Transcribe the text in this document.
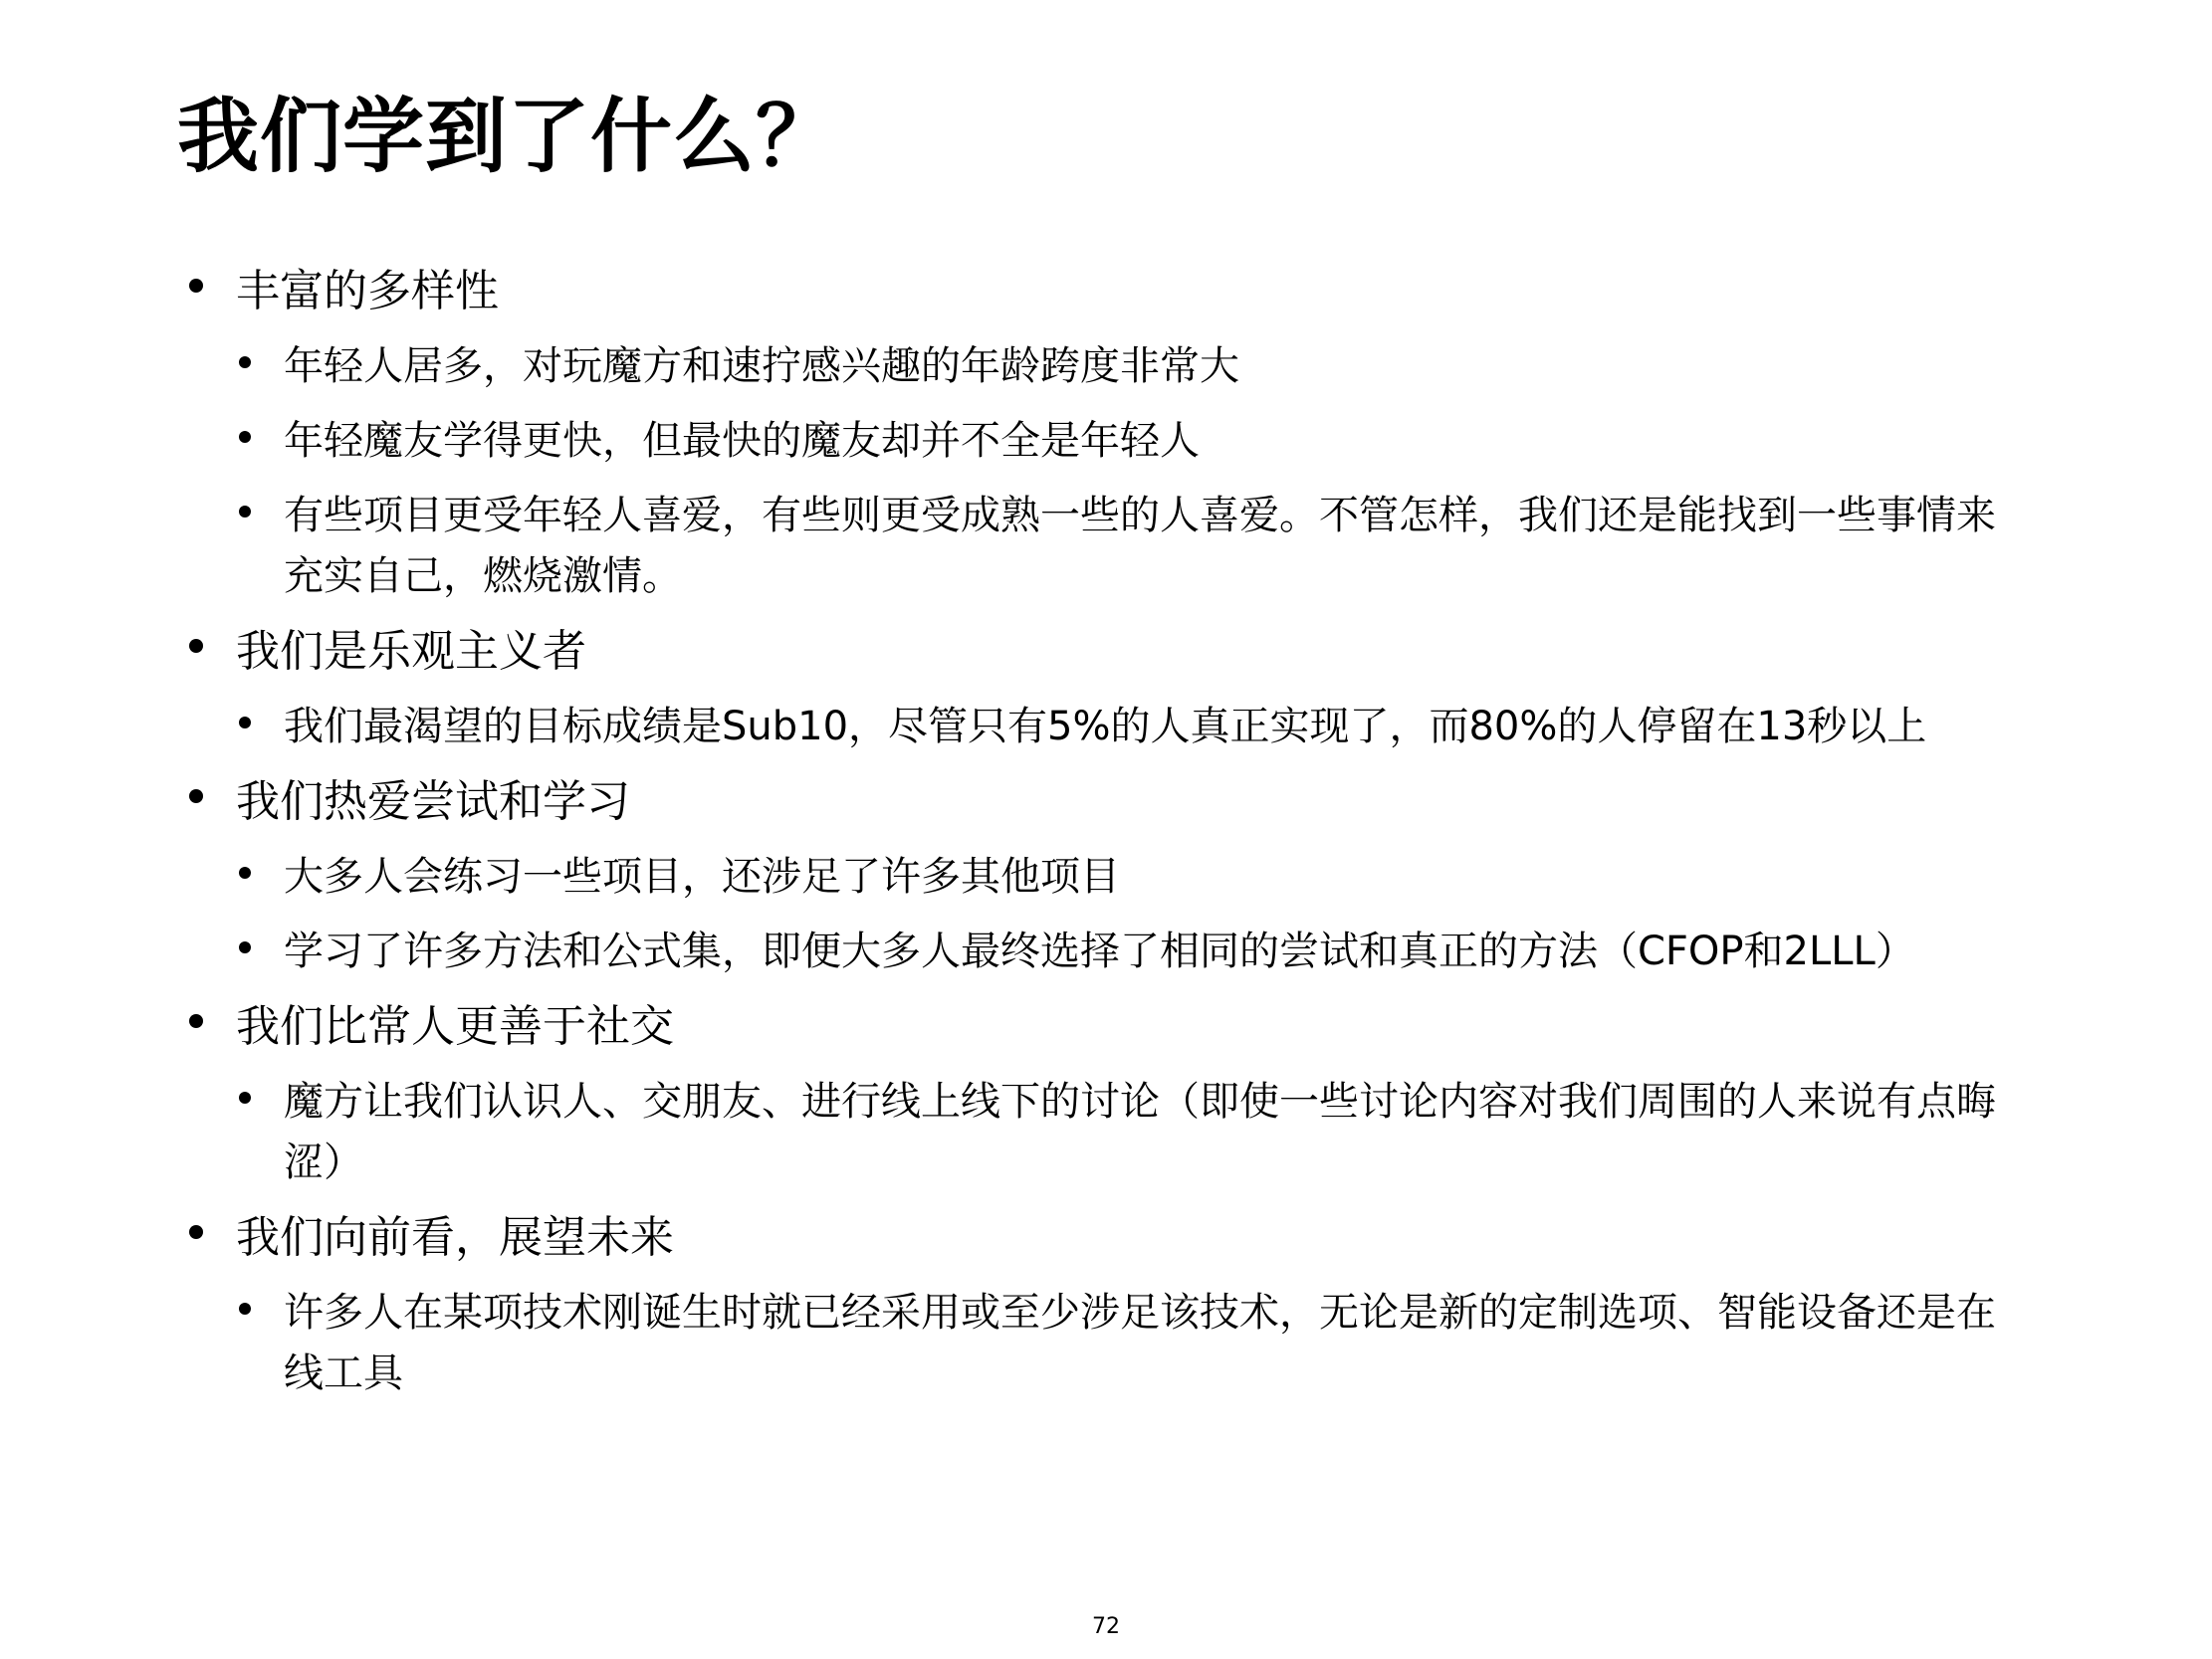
我们学到了什么？
丰富的多样性
年轻人居多，对玩魔方和速拧感兴趣的年龄跨度非常大
年轻魔友学得更快，但最快的魔友却并不全是年轻人
有些项目更受年轻人喜爱，有些则更受成熟一些的人喜爱。不管怎样，我们还是能找到一些事情来充实自己，燃烧激情。
我们是乐观主义者
我们最渴望的目标成绩是Sub10，尽管只有5%的人真正实现了，而80%的人停留在13秒以上
我们热爱尝试和学习
大多人会练习一些项目，还涉足了许多其他项目
学习了许多方法和公式集，即便大多人最终选择了相同的尝试和真正的方法（CFOP和2LLL）
我们比常人更善于社交
魔方让我们认识人、交朋友、进行线上线下的讨论（即使一些讨论内容对我们周围的人来说有点晦涩）
我们向前看，展望未来
许多人在某项技术刚诞生时就已经采用或至少涉足该技术，无论是新的定制选项、智能设备还是在线工具
72
